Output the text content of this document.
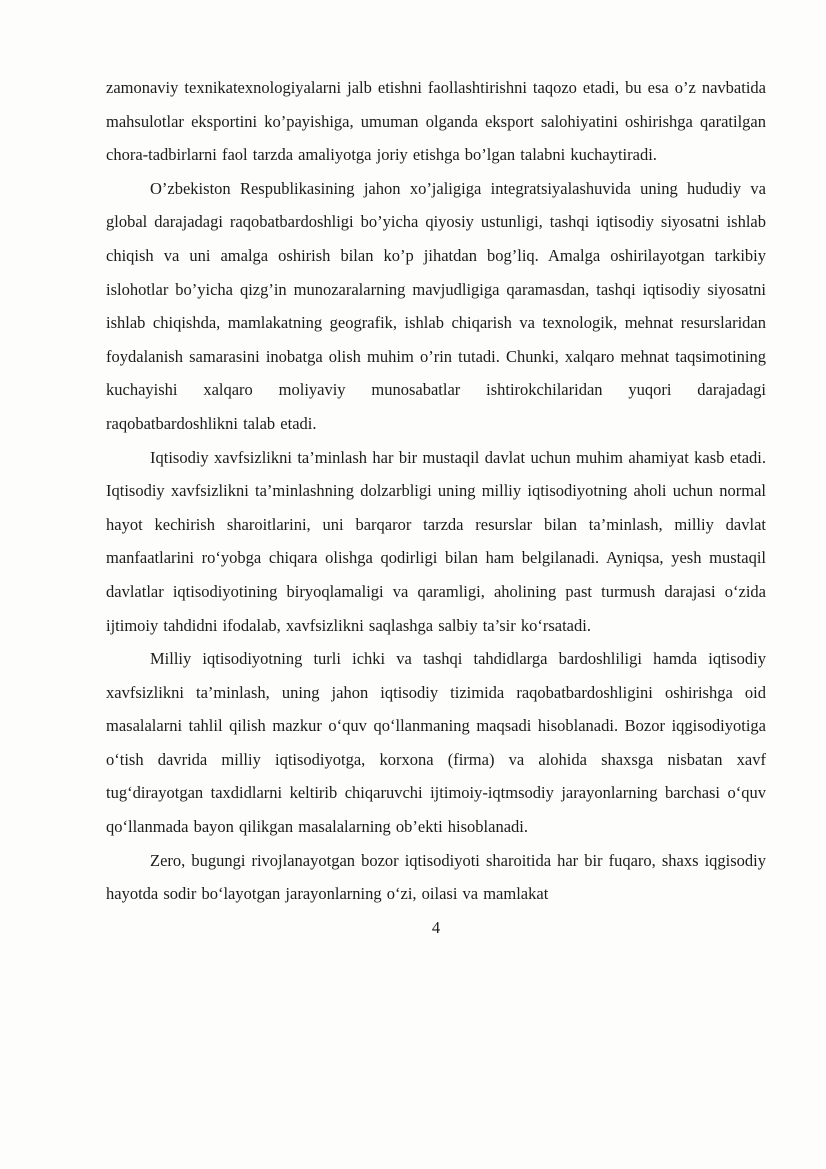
zamonaviy texnikatexnologiyalarni jalb etishni faollashtirishni taqozo etadi, bu esa o’z navbatida mahsulotlar eksportini ko’payishiga, umuman olganda eksport salohiyatini oshirishga qaratilgan chora-tadbirlarni faol tarzda amaliyotga joriy etishga bo’lgan talabni kuchaytiradi.

O’zbekiston Respublikasining jahon xo’jaligiga integratsiyalashuvida uning hududiy va global darajadagi raqobatbardoshligi bo’yicha qiyosiy ustunligi, tashqi iqtisodiy siyosatni ishlab chiqish va uni amalga oshirish bilan ko’p jihatdan bog’liq. Amalga oshirilayotgan tarkibiy islohotlar bo’yicha qizg’in munozaralarning mavjudligiga qaramasdan, tashqi iqtisodiy siyosatni ishlab chiqishda, mamlakatning geografik, ishlab chiqarish va texnologik, mehnat resurslaridan foydalanish samarasini inobatga olish muhim o’rin tutadi. Chunki, xalqaro mehnat taqsimotining kuchayishi xalqaro moliyaviy munosabatlar ishtirokchilaridan yuqori darajadagi raqobatbardoshlikni talab etadi.

Iqtisodiy xavfsizlikni ta’minlash har bir mustaqil davlat uchun muhim ahamiyat kasb etadi. Iqtisodiy xavfsizlikni ta’minlashning dolzarbligi uning milliy iqtisodiyotning aholi uchun normal hayot kechirish sharoitlarini, uni barqaror tarzda resurslar bilan ta’minlash, milliy davlat manfaatlarini roʻyobga chiqara olishga qodirligi bilan ham belgilanadi. Ayniqsa, yesh mustaqil davlatlar iqtisodiyotining biryoqlamaligi va qaramligi, aholining past turmush darajasi oʻzida ijtimoiy tahdidni ifodalab, xavfsizlikni saqlashga salbiy ta’sir koʻrsatadi.

Milliy iqtisodiyotning turli ichki va tashqi tahdidlarga bardoshliligi hamda iqtisodiy xavfsizlikni ta’minlash, uning jahon iqtisodiy tizimida raqobatbardoshligini oshirishga oid masalalarni tahlil qilish mazkur oʻquv qoʻllanmaning maqsadi hisoblanadi. Bozor iqgisodiyotiga oʻtish davrida milliy iqtisodiyotga, korxona (firma) va alohida shaxsga nisbatan xavf tugʻdirayotgan taxdidlarni keltirib chiqaruvchi ijtimoiy-iqtmsodiy jarayonlarning barchasi oʻquv qoʻllanmada bayon qilikgan masalalarning ob’ekti hisoblanadi.

Zero, bugungi rivojlanayotgan bozor iqtisodiyoti sharoitida har bir fuqaro, shaxs iqgisodiy hayotda sodir boʻlayotgan jarayonlarning oʻzi, oilasi va mamlakat

4
